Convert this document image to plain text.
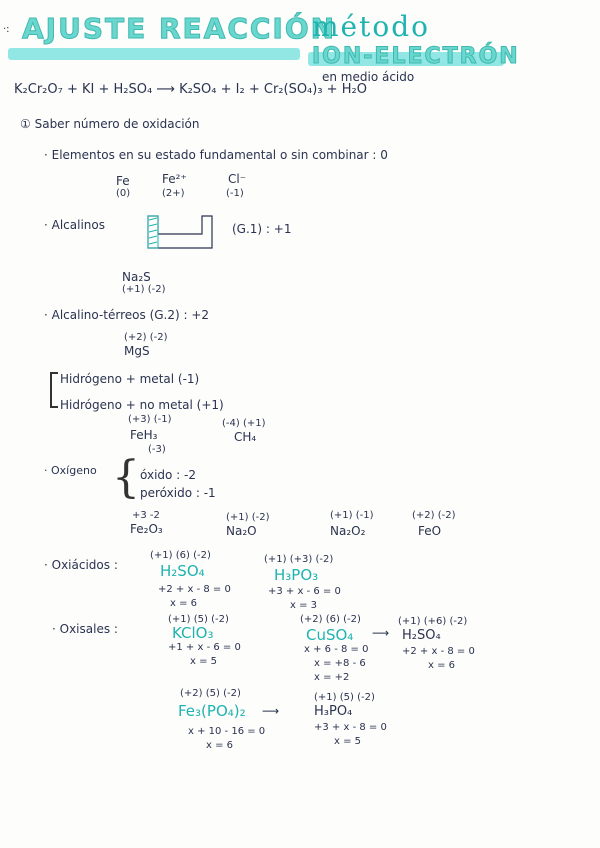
·: AJUSTE REACCIÓN
método
ION-ELECTRÓN
en medio ácido
K₂Cr₂O₇ + KI + H₂SO₄ ⟶ K₂SO₄ + I₂ + Cr₂(SO₄)₃ + H₂O
① Saber número de oxidación
· Elementos en su estado fundamental o sin combinar : 0
Fe
(0)
Fe²⁺
(2+)
Cl⁻
(-1)
· Alcalinos	(G.1) : +1
Na₂S
(+1) (-2)
· Alcalino-térreos (G.2) : +2
(+2) (-2)
MgS
Hidrógeno + metal (-1)
Hidrógeno + no metal (+1)
(+3) (-1)
FeH₃
(-3)
(-4) (+1)
CH₄
· Oxígeno { óxido : -2
peróxido : -1
+3 -2
Fe₂O₃
(+1) (-2)
Na₂O
(+1) (-1)
Na₂O₂
(+2) (-2)
FeO
· Oxiácidos :
(+1) (6) (-2)
H₂SO₄
+2 + x - 8 = 0
x = 6
(+1) (+3) (-2)
H₃PO₃
+3 + x - 6 = 0
x = 3
· Oxisales :
(+1) (5) (-2)
KClO₃
+1 + x - 6 = 0
x = 5
(+2) (6) (-2)
CuSO₄ ⟶
x + 6 - 8 = 0
x = +8 - 6
x = +2
(+1) (+6) (-2)
H₂SO₄
+2 + x - 8 = 0
x = 6
(+2) (5) (-2)
Fe₃(PO₄)₂ ⟶
x + 10 - 16 = 0
x = 6
(+1) (5) (-2)
H₃PO₄
+3 + x - 8 = 0
x = 5
